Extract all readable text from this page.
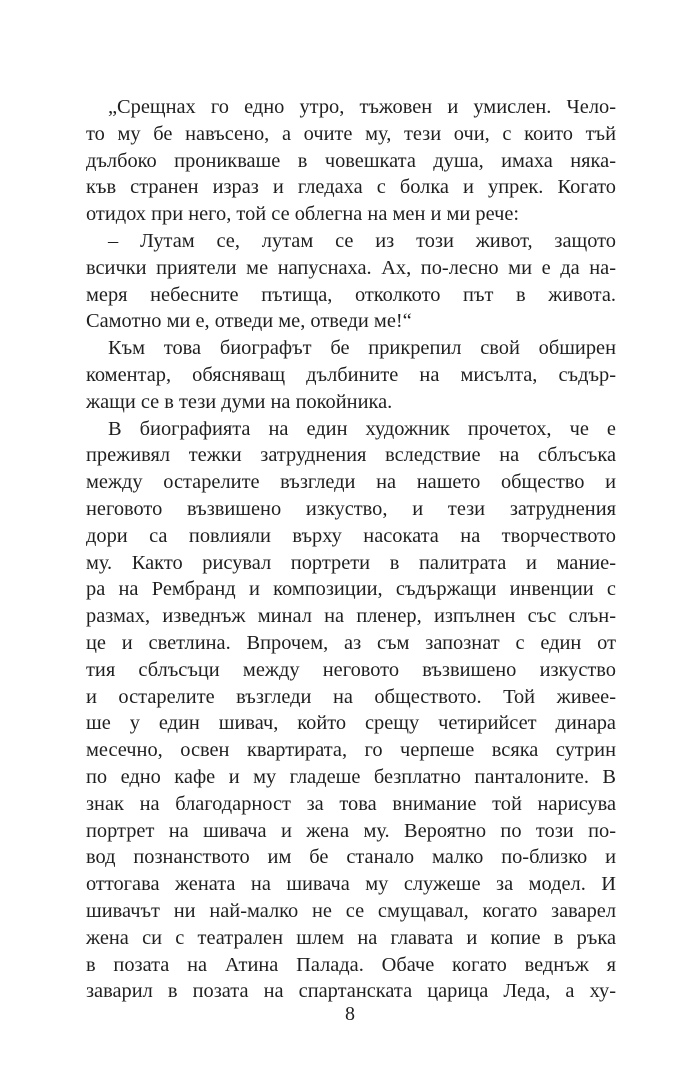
„Срещнах го едно утро, тъжовен и умислен. Чело-
то му бе навъсено, а очите му, тези очи, с които тъй
дълбоко проникваше в човешката душа, имаха няка-
къв странен израз и гледаха с болка и упрек. Когато
отидох при него, той се облегна на мен и ми рече:
– Лутам се, лутам се из този живот, защото
всички приятели ме напуснаха. Ах, по-лесно ми е да на-
меря небесните пътища, отколкото път в живота.
Самотно ми е, отведи ме, отведи ме!“
Към това биографът бе прикрепил свой обширен
коментар, обясняващ дълбините на мисълта, съдър-
жащи се в тези думи на покойника.
В биографията на един художник прочетох, че е
преживял тежки затруднения вследствие на сблъсъка
между остарелите възгледи на нашето общество и
неговото възвишено изкуство, и тези затруднения
дори са повлияли върху насоката на творчеството
му. Както рисувал портрети в палитрата и мание-
ра на Рембранд и композиции, съдържащи инвенции с
размах, изведнъж минал на пленер, изпълнен със слън-
це и светлина. Впрочем, аз съм запознат с един от
тия сблъсъци между неговото възвишено изкуство
и остарелите възгледи на обществото. Той живее-
ше у един шивач, който срещу четирийсет динара
месечно, освен квартирата, го черпеше всяка сутрин
по едно кафе и му гладеше безплатно панталоните. В
знак на благодарност за това внимание той нарисува
портрет на шивача и жена му. Вероятно по този по-
вод познанството им бе станало малко по-близко и
оттогава жената на шивача му служеше за модел. И
шивачът ни най-малко не се смущавал, когато заварел
жена си с театрален шлем на главата и копие в ръка
в позата на Атина Палада. Обаче когато веднъж я
заварил в позата на спартанската царица Леда, а ху-
8
